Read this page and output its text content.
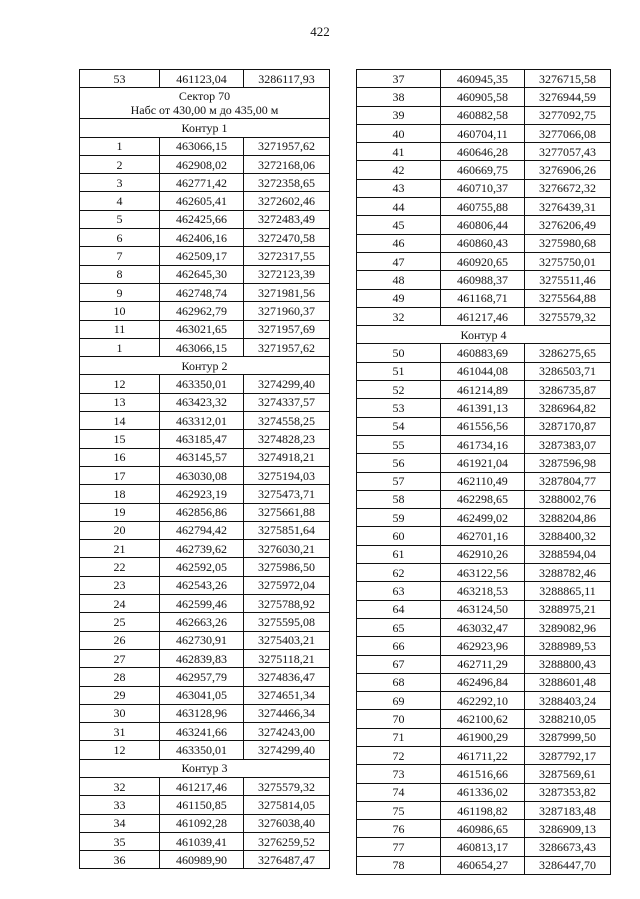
422
53	461123,04	3286117,93

Сектор 70
Набс от 430,00 м до 435,00 м		

Контур 1		
1	463066,15	3271957,62
2	462908,02	3272168,06
3	462771,42	3272358,65
4	462605,41	3272602,46
5	462425,66	3272483,49
6	462406,16	3272470,58
7	462509,17	3272317,55
8	462645,30	3272123,39
9	462748,74	3271981,56
10	462962,79	3271960,37
11	463021,65	3271957,69
1	463066,15	3271957,62
Контур 2		
12	463350,01	3274299,40
13	463423,32	3274337,57
14	463312,01	3274558,25
15	463185,47	3274828,23
16	463145,57	3274918,21
17	463030,08	3275194,03
18	462923,19	3275473,71
19	462856,86	3275661,88
20	462794,42	3275851,64
21	462739,62	3276030,21
22	462592,05	3275986,50
23	462543,26	3275972,04
24	462599,46	3275788,92
25	462663,26	3275595,08
26	462730,91	3275403,21
27	462839,83	3275118,21
28	462957,79	3274836,47
29	463041,05	3274651,34
30	463128,96	3274466,34
31	463241,66	3274243,00
12	463350,01	3274299,40
Контур 3		
32	461217,46	3275579,32
33	461150,85	3275814,05
34	461092,28	3276038,40
35	461039,41	3276259,52
36	460989,90	3276487,47
37	460945,35	3276715,58
38	460905,58	3276944,59
39	460882,58	3277092,75
40	460704,11	3277066,08
41	460646,28	3277057,43
42	460669,75	3276906,26
43	460710,37	3276672,32
44	460755,88	3276439,31
45	460806,44	3276206,49
46	460860,43	3275980,68
47	460920,65	3275750,01
48	460988,37	3275511,46
49	461168,71	3275564,88
32	461217,46	3275579,32
Контур 4		
50	460883,69	3286275,65
51	461044,08	3286503,71
52	461214,89	3286735,87
53	461391,13	3286964,82
54	461556,56	3287170,87
55	461734,16	3287383,07
56	461921,04	3287596,98
57	462110,49	3287804,77
58	462298,65	3288002,76
59	462499,02	3288204,86
60	462701,16	3288400,32
61	462910,26	3288594,04
62	463122,56	3288782,46
63	463218,53	3288865,11
64	463124,50	3288975,21
65	463032,47	3289082,96
66	462923,96	3288989,53
67	462711,29	3288800,43
68	462496,84	3288601,48
69	462292,10	3288403,24
70	462100,62	3288210,05
71	461900,29	3287999,50
72	461711,22	3287792,17
73	461516,66	3287569,61
74	461336,02	3287353,82
75	461198,82	3287183,48
76	460986,65	3286909,13
77	460813,17	3286673,43
78	460654,27	3286447,70
